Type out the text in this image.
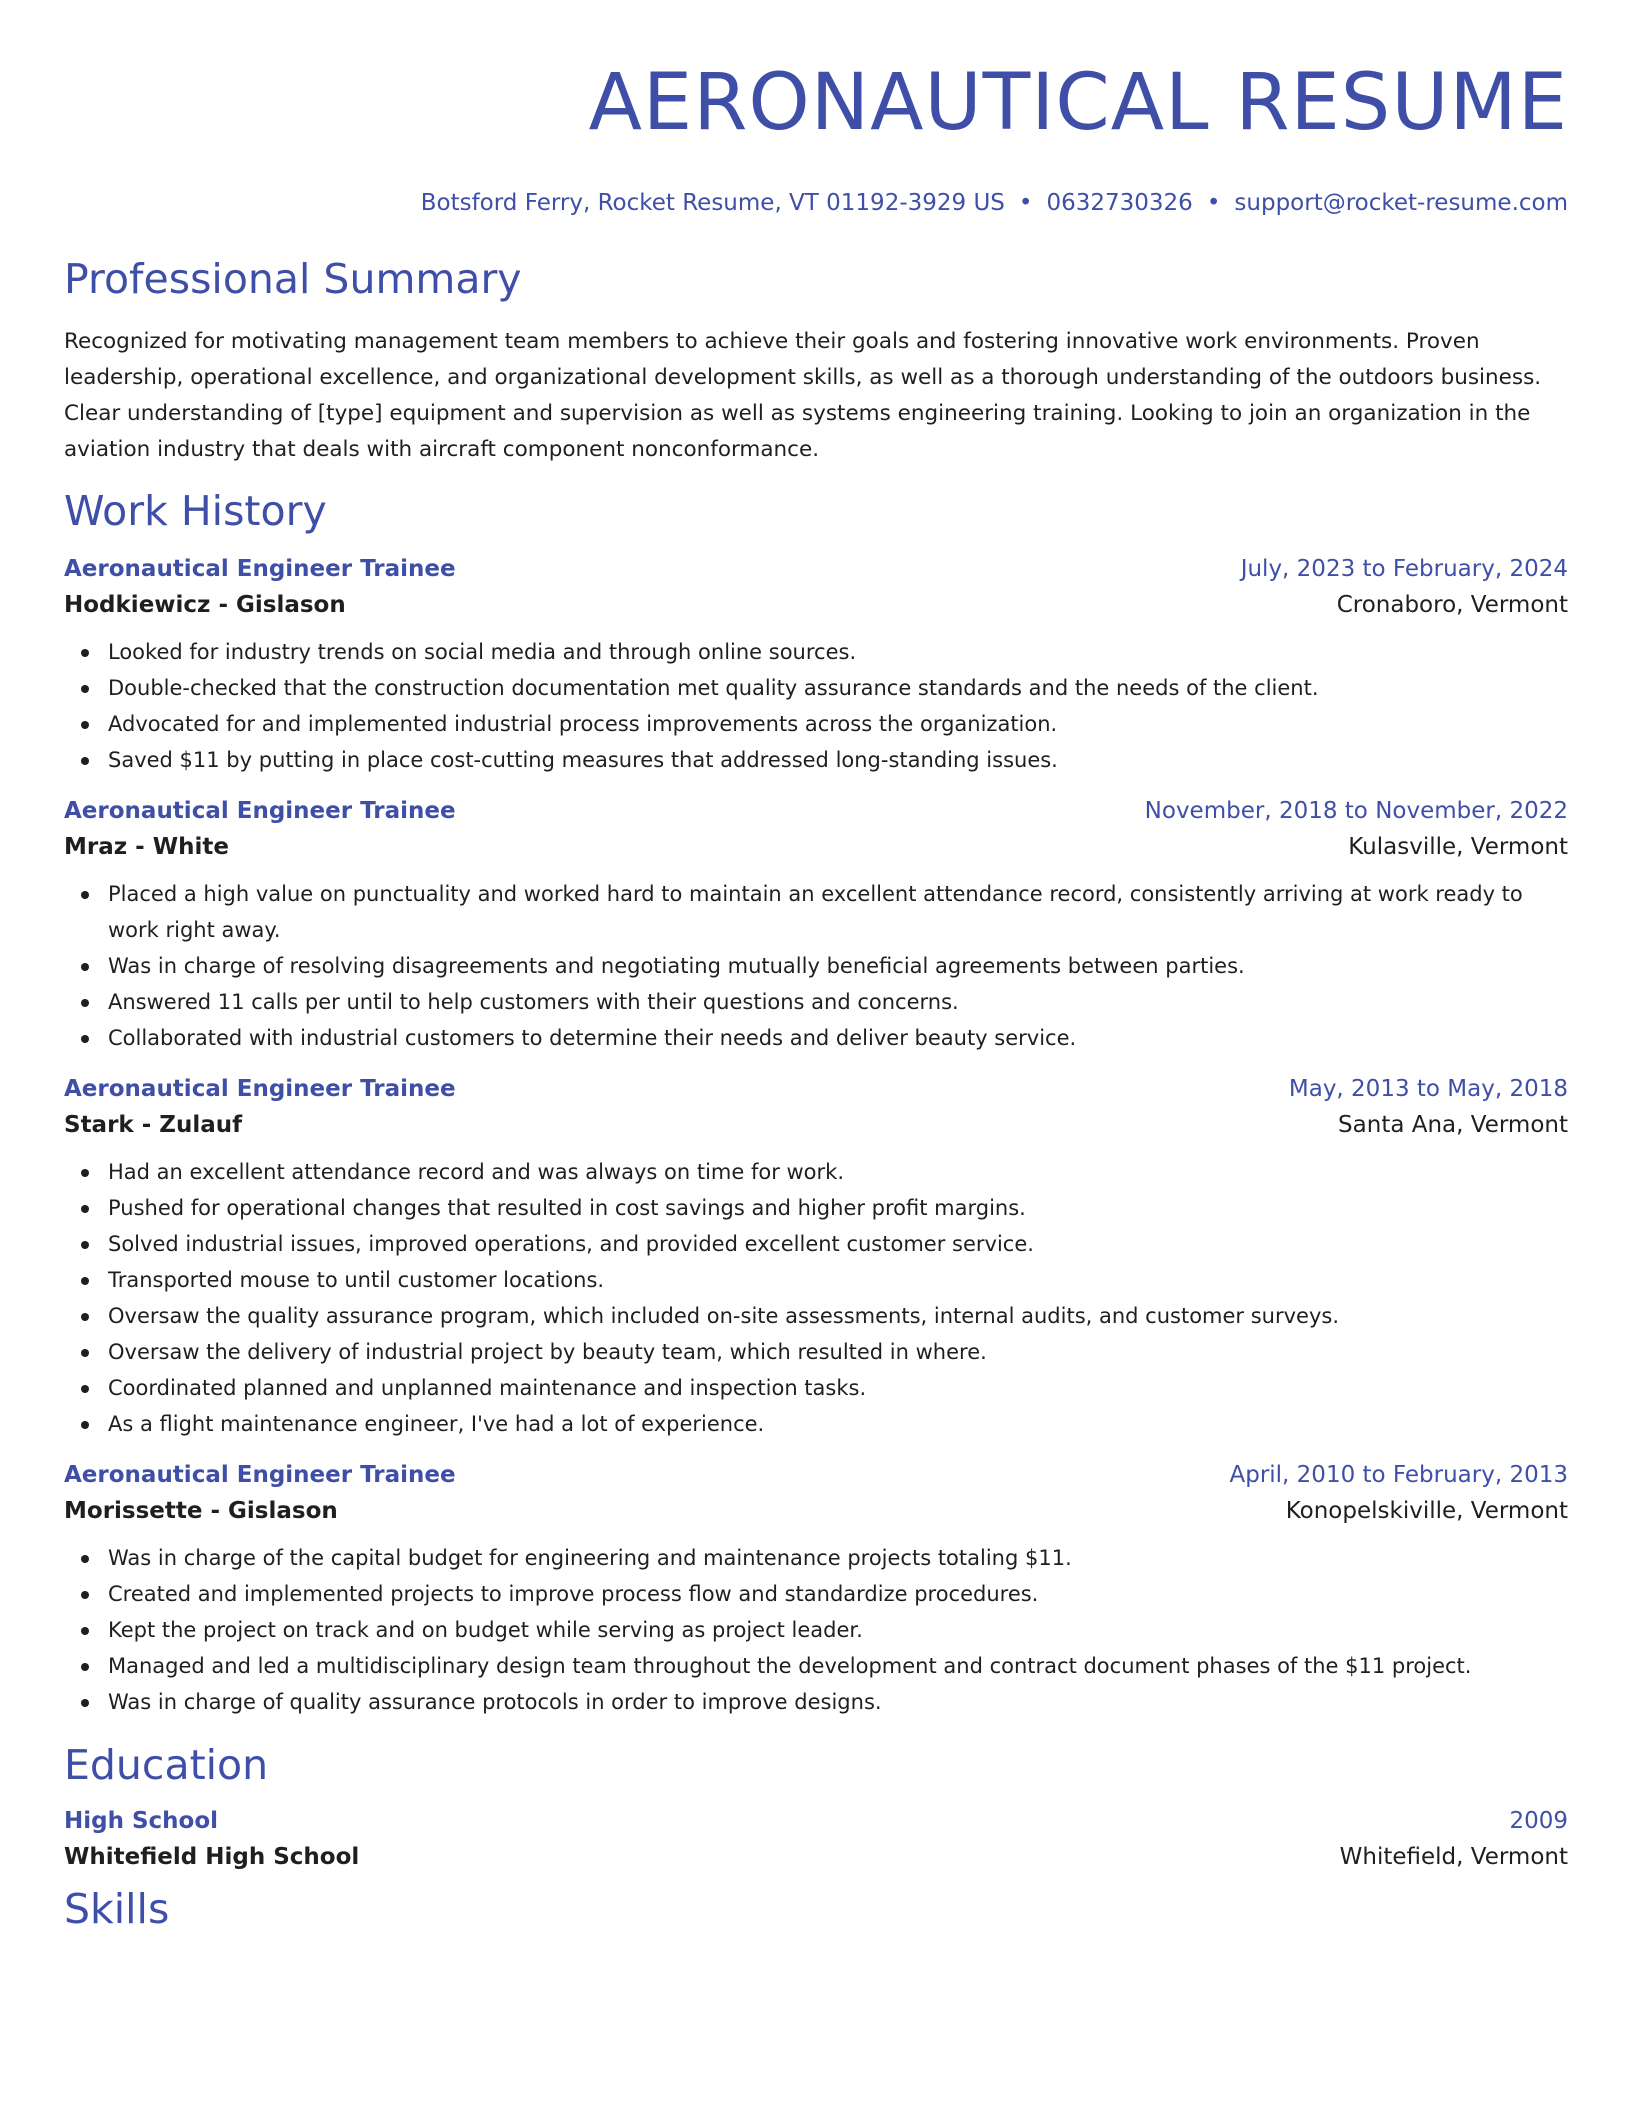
AERONAUTICAL RESUME
Botsford Ferry, Rocket Resume, VT 01192-3929 US • 0632730326 • support@rocket-resume.com
Professional Summary
Recognized for motivating management team members to achieve their goals and fostering innovative work environments. Proven leadership, operational excellence, and organizational development skills, as well as a thorough understanding of the outdoors business. Clear understanding of [type] equipment and supervision as well as systems engineering training. Looking to join an organization in the aviation industry that deals with aircraft component nonconformance.
Work History
Aeronautical Engineer Trainee	July, 2023 to February, 2024
Hodkiewicz - Gislason	Cronaboro, Vermont
Looked for industry trends on social media and through online sources.
Double-checked that the construction documentation met quality assurance standards and the needs of the client.
Advocated for and implemented industrial process improvements across the organization.
Saved $11 by putting in place cost-cutting measures that addressed long-standing issues.
Aeronautical Engineer Trainee	November, 2018 to November, 2022
Mraz - White	Kulasville, Vermont
Placed a high value on punctuality and worked hard to maintain an excellent attendance record, consistently arriving at work ready to work right away.
Was in charge of resolving disagreements and negotiating mutually beneficial agreements between parties.
Answered 11 calls per until to help customers with their questions and concerns.
Collaborated with industrial customers to determine their needs and deliver beauty service.
Aeronautical Engineer Trainee	May, 2013 to May, 2018
Stark - Zulauf	Santa Ana, Vermont
Had an excellent attendance record and was always on time for work.
Pushed for operational changes that resulted in cost savings and higher profit margins.
Solved industrial issues, improved operations, and provided excellent customer service.
Transported mouse to until customer locations.
Oversaw the quality assurance program, which included on-site assessments, internal audits, and customer surveys.
Oversaw the delivery of industrial project by beauty team, which resulted in where.
Coordinated planned and unplanned maintenance and inspection tasks.
As a flight maintenance engineer, I've had a lot of experience.
Aeronautical Engineer Trainee	April, 2010 to February, 2013
Morissette - Gislason	Konopelskiville, Vermont
Was in charge of the capital budget for engineering and maintenance projects totaling $11.
Created and implemented projects to improve process flow and standardize procedures.
Kept the project on track and on budget while serving as project leader.
Managed and led a multidisciplinary design team throughout the development and contract document phases of the $11 project.
Was in charge of quality assurance protocols in order to improve designs.
Education
High School	2009
Whitefield High School	Whitefield, Vermont
Skills
